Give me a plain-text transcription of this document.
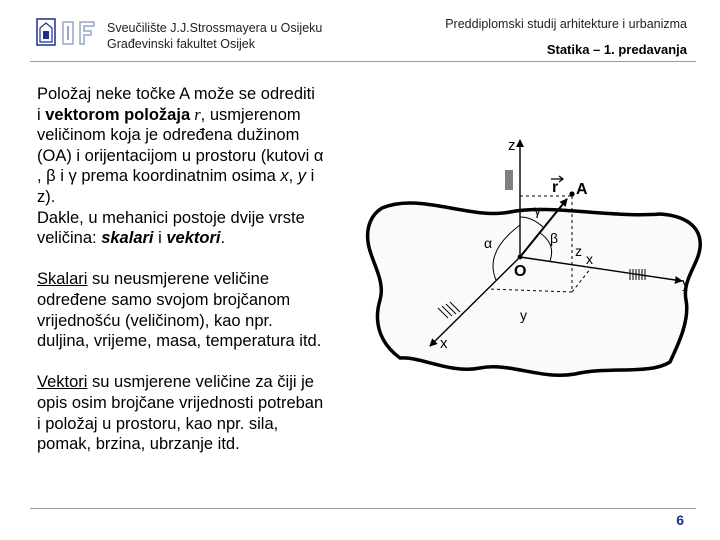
Sveučilište J.J.Strossmayera u Osijeku
Građevinski fakultet Osijek
Preddiplomski studij arhitekture i urbanizma
Statika – 1. predavanja
Položaj neke točke A može se odrediti
i vektorom položaja r, usmjerenom
veličinom koja je određena dužinom
(OA) i orijentacijom u prostoru (kutovi α
, β i γ prema koordinatnim osima x, y i
z).
Dakle, u mehanici postoje dvije vrste
veličina: skalari i vektori.
Skalari su neusmjerene veličine
određene samo svojom brojčanom
vrijednošću (veličinom), kao npr.
duljina, vrijeme, masa, temperatura itd.
Vektori su usmjerene veličine za čiji je
opis osim brojčane vrijednosti potreban
i položaj u prostoru, kao npr. sila,
pomak, brzina, ubrzanje itd.
z
r A
γ
α	β
z
O
x
y
y
x
6
